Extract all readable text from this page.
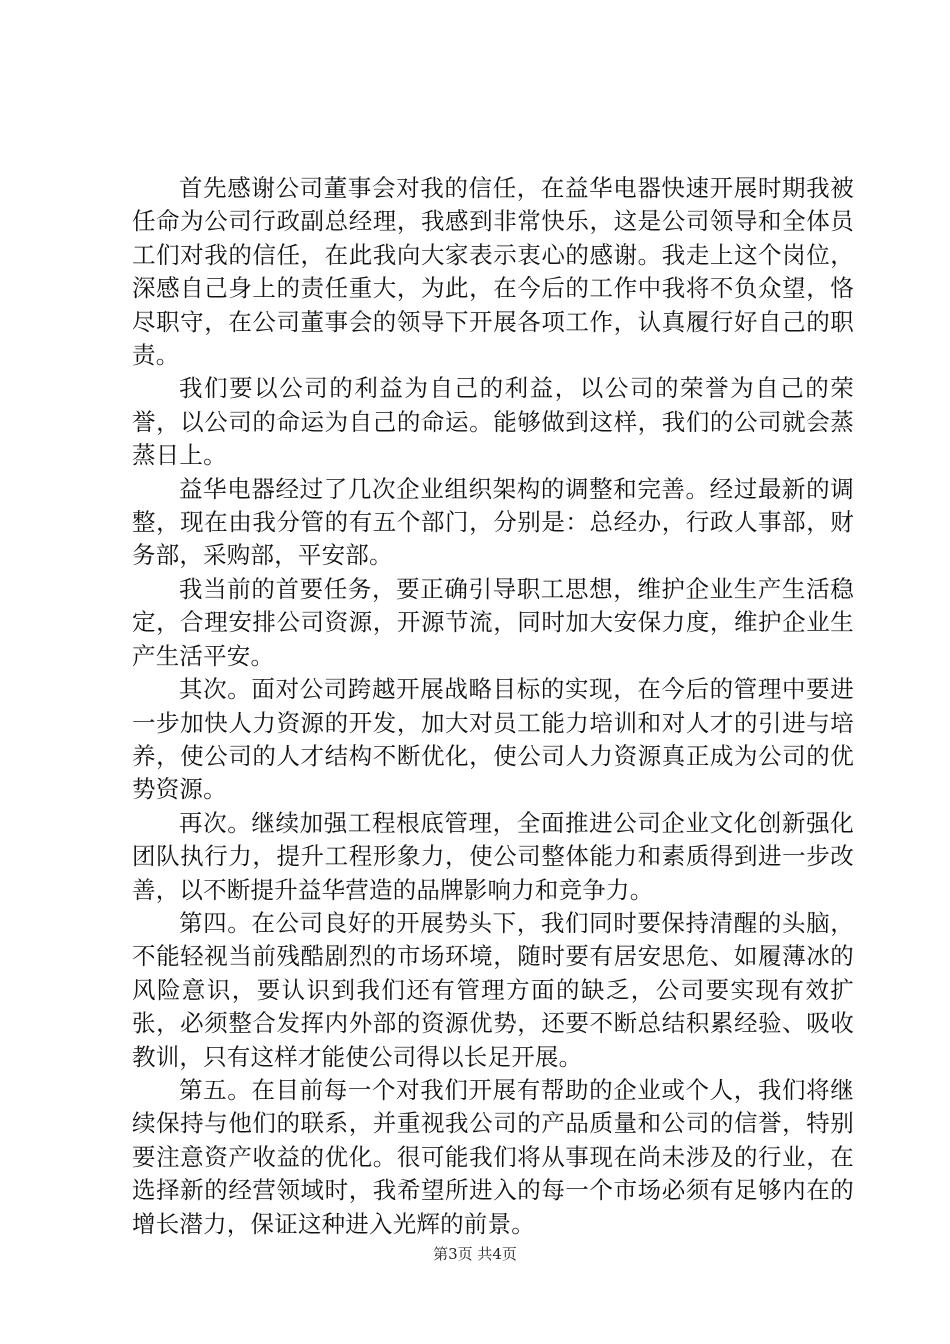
首先感谢公司董事会对我的信任，在益华电器快速开展时期我被任命为公司行政副总经理，我感到非常快乐，这是公司领导和全体员工们对我的信任，在此我向大家表示衷心的感谢。我走上这个岗位，深感自己身上的责任重大，为此，在今后的工作中我将不负众望，恪尽职守，在公司董事会的领导下开展各项工作，认真履行好自己的职责。

我们要以公司的利益为自己的利益，以公司的荣誉为自己的荣誉，以公司的命运为自己的命运。能够做到这样，我们的公司就会蒸蒸日上。

益华电器经过了几次企业组织架构的调整和完善。经过最新的调整，现在由我分管的有五个部门，分别是：总经办，行政人事部，财务部，采购部，平安部。

我当前的首要任务，要正确引导职工思想，维护企业生产生活稳定，合理安排公司资源，开源节流，同时加大安保力度，维护企业生产生活平安。

其次。面对公司跨越开展战略目标的实现，在今后的管理中要进一步加快人力资源的开发，加大对员工能力培训和对人才的引进与培养，使公司的人才结构不断优化，使公司人力资源真正成为公司的优势资源。

再次。继续加强工程根底管理，全面推进公司企业文化创新强化团队执行力，提升工程形象力，使公司整体能力和素质得到进一步改善，以不断提升益华营造的品牌影响力和竞争力。

第四。在公司良好的开展势头下，我们同时要保持清醒的头脑，不能轻视当前残酷剧烈的市场环境，随时要有居安思危、如履薄冰的风险意识，要认识到我们还有管理方面的缺乏，公司要实现有效扩张，必须整合发挥内外部的资源优势，还要不断总结积累经验、吸收教训，只有这样才能使公司得以长足开展。

第五。在目前每一个对我们开展有帮助的企业或个人，我们将继续保持与他们的联系，并重视我公司的产品质量和公司的信誉，特别要注意资产收益的优化。很可能我们将从事现在尚未涉及的行业，在选择新的经营领域时，我希望所进入的每一个市场必须有足够内在的增长潜力，保证这种进入光辉的前景。

第3页 共4页
